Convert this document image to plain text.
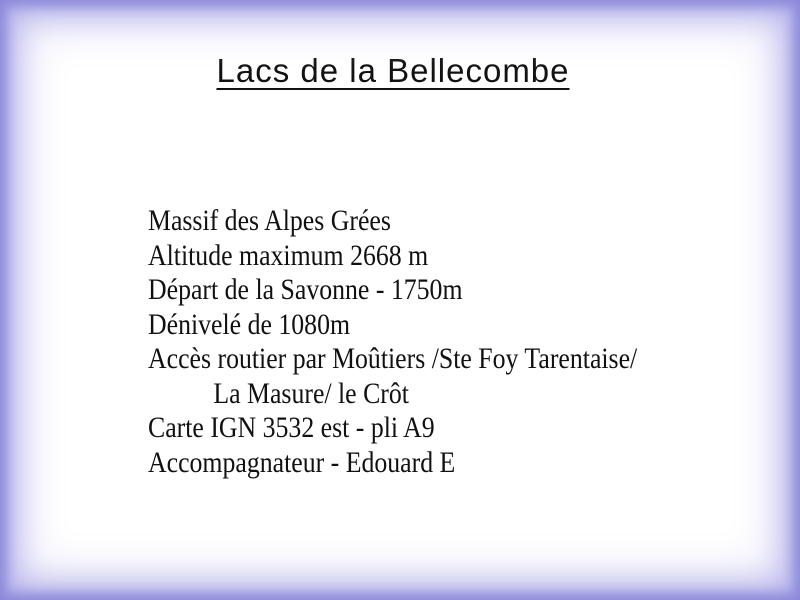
Lacs de la Bellecombe
Massif des Alpes Grées
Altitude maximum 2668 m
Départ de la Savonne - 1750m
Dénivelé de 1080m
Accès routier par Moûtiers /Ste Foy Tarentaise/
La Masure/ le Crôt
Carte IGN 3532 est - pli A9
Accompagnateur - Edouard E
